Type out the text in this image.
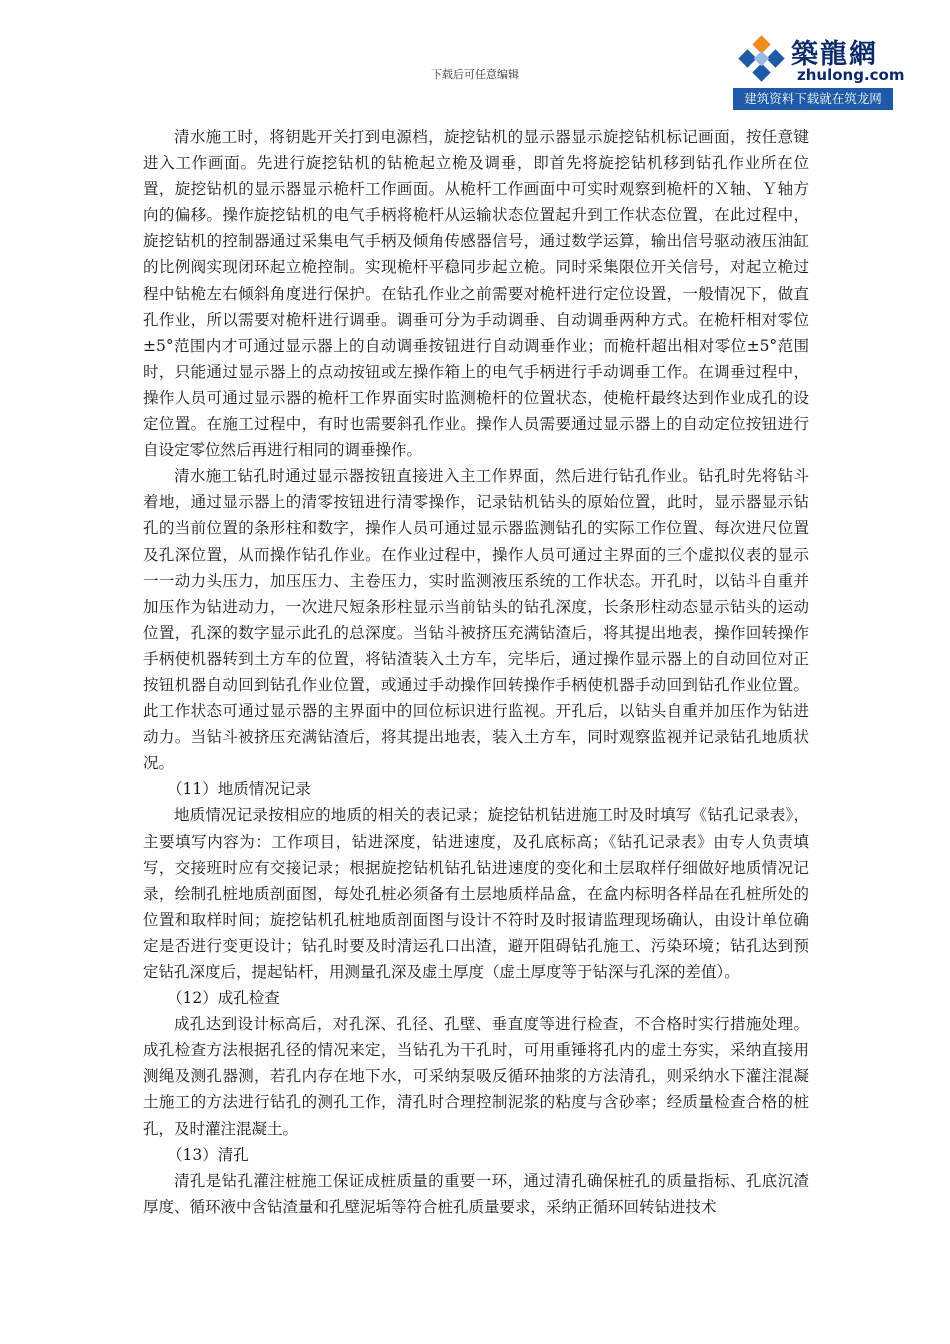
下载后可任意编辑
築龍網
zhulong.com
建筑资料下载就在筑龙网

清水施工时，将钥匙开关打到电源档，旋挖钻机的显示器显示旋挖钻机标记画面，按任意键进入工作画面。先进行旋挖钻机的钻桅起立桅及调垂，即首先将旋挖钻机移到钻孔作业所在位置，旋挖钻机的显示器显示桅杆工作画面。从桅杆工作画面中可实时观察到桅杆的Ｘ轴、Ｙ轴方向的偏移。操作旋挖钻机的电气手柄将桅杆从运输状态位置起升到工作状态位置，在此过程中，旋挖钻机的控制器通过采集电气手柄及倾角传感器信号，通过数学运算，输出信号驱动液压油缸的比例阀实现闭环起立桅控制。实现桅杆平稳同步起立桅。同时采集限位开关信号，对起立桅过程中钻桅左右倾斜角度进行保护。在钻孔作业之前需要对桅杆进行定位设置，一般情况下，做直孔作业，所以需要对桅杆进行调垂。调垂可分为手动调垂、自动调垂两种方式。在桅杆相对零位±5°范围内才可通过显示器上的自动调垂按钮进行自动调垂作业；而桅杆超出相对零位±5°范围时，只能通过显示器上的点动按钮或左操作箱上的电气手柄进行手动调垂工作。在调垂过程中，操作人员可通过显示器的桅杆工作界面实时监测桅杆的位置状态，使桅杆最终达到作业成孔的设定位置。在施工过程中，有时也需要斜孔作业。操作人员需要通过显示器上的自动定位按钮进行自设定零位然后再进行相同的调垂操作。

清水施工钻孔时通过显示器按钮直接进入主工作界面，然后进行钻孔作业。钻孔时先将钻斗着地，通过显示器上的清零按钮进行清零操作，记录钻机钻头的原始位置，此时，显示器显示钻孔的当前位置的条形柱和数字，操作人员可通过显示器监测钻孔的实际工作位置、每次进尺位置及孔深位置，从而操作钻孔作业。在作业过程中，操作人员可通过主界面的三个虚拟仪表的显示一一动力头压力，加压压力、主卷压力，实时监测液压系统的工作状态。开孔时，以钻斗自重并加压作为钻进动力，一次进尺短条形柱显示当前钻头的钻孔深度，长条形柱动态显示钻头的运动位置，孔深的数字显示此孔的总深度。当钻斗被挤压充满钻渣后，将其提出地表，操作回转操作手柄使机器转到土方车的位置，将钻渣装入土方车，完毕后，通过操作显示器上的自动回位对正按钮机器自动回到钻孔作业位置，或通过手动操作回转操作手柄使机器手动回到钻孔作业位置。此工作状态可通过显示器的主界面中的回位标识进行监视。开孔后，以钻头自重并加压作为钻进动力。当钻斗被挤压充满钻渣后，将其提出地表，装入土方车，同时观察监视并记录钻孔地质状况。

（11）地质情况记录

地质情况记录按相应的地质的相关的表记录；旋挖钻机钻进施工时及时填写《钻孔记录表》，主要填写内容为：工作项目，钻进深度，钻进速度，及孔底标高；《钻孔记录表》由专人负责填写，交接班时应有交接记录；根据旋挖钻机钻孔钻进速度的变化和土层取样仔细做好地质情况记录，绘制孔桩地质剖面图，每处孔桩必须备有土层地质样品盒，在盒内标明各样品在孔桩所处的位置和取样时间；旋挖钻机孔桩地质剖面图与设计不符时及时报请监理现场确认，由设计单位确定是否进行变更设计；钻孔时要及时清运孔口出渣，避开阻碍钻孔施工、污染环境；钻孔达到预定钻孔深度后，提起钻杆，用测量孔深及虚土厚度（虚土厚度等于钻深与孔深的差值）。

（12）成孔检查

成孔达到设计标高后，对孔深、孔径、孔壁、垂直度等进行检查，不合格时实行措施处理。成孔检查方法根据孔径的情况来定，当钻孔为干孔时，可用重锤将孔内的虚土夯实，采纳直接用测绳及测孔器测，若孔内存在地下水，可采纳泵吸反循环抽浆的方法清孔，则采纳水下灌注混凝土施工的方法进行钻孔的测孔工作，清孔时合理控制泥浆的粘度与含砂率；经质量检查合格的桩孔，及时灌注混凝土。

（13）清孔

清孔是钻孔灌注桩施工保证成桩质量的重要一环，通过清孔确保桩孔的质量指标、孔底沉渣厚度、循环液中含钻渣量和孔壁泥垢等符合桩孔质量要求，采纳正循环回转钻进技术
